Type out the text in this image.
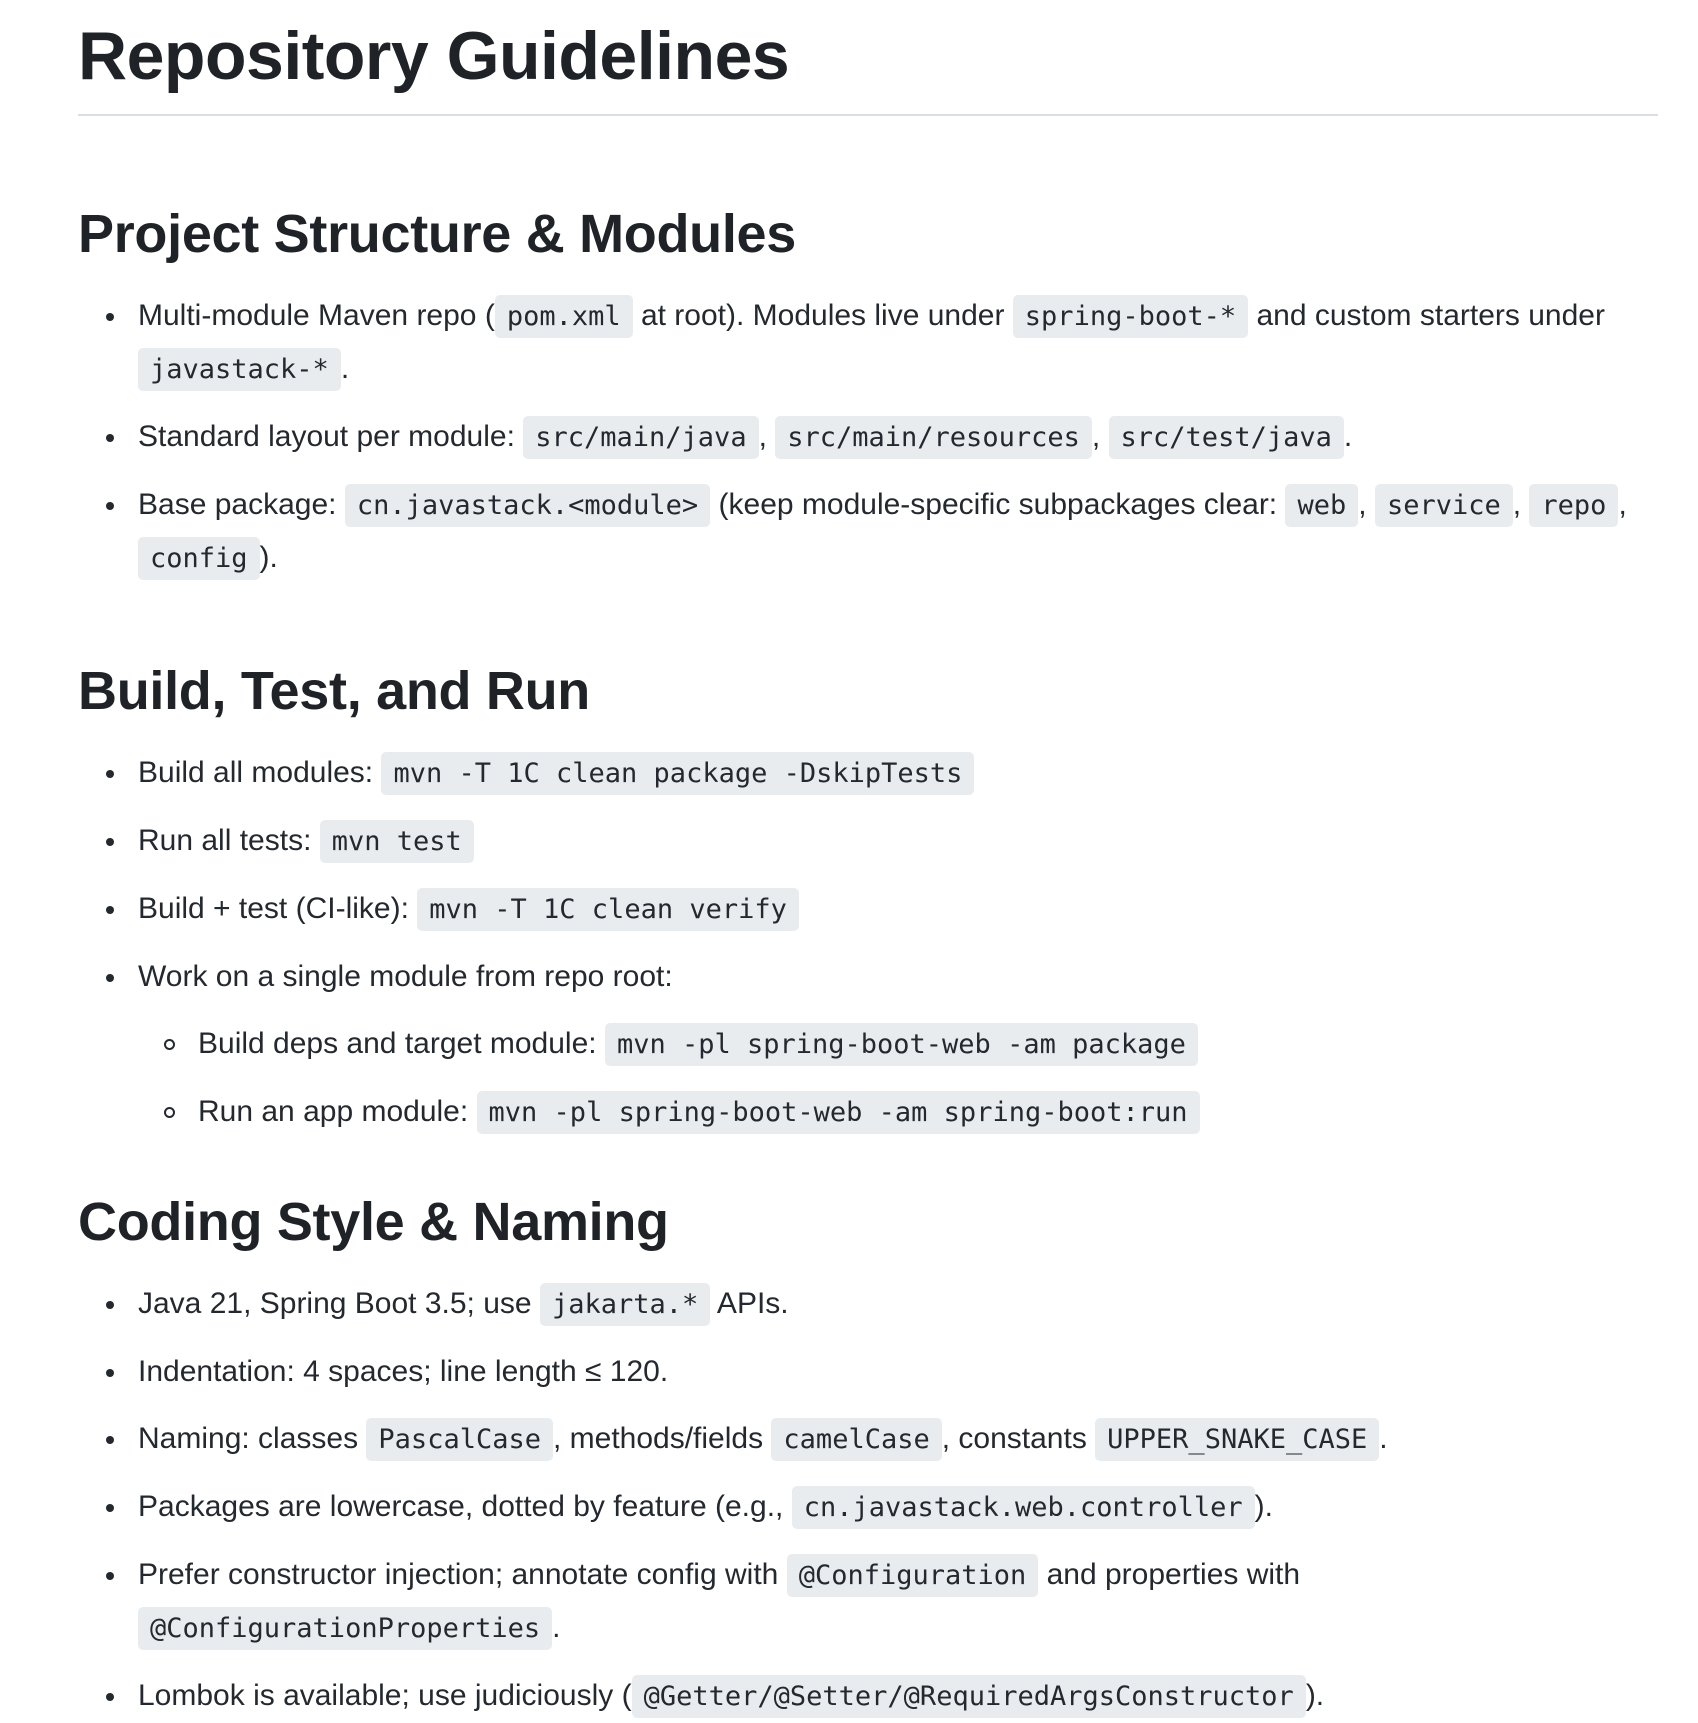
Repository Guidelines
Project Structure & Modules
Multi-module Maven repo ( pom.xml at root). Modules live under spring-boot-* and custom starters under javastack-* .
Standard layout per module: src/main/java , src/main/resources , src/test/java .
Base package: cn.javastack.<module> (keep module-specific subpackages clear: web , service , repo , config ).
Build, Test, and Run
Build all modules: mvn -T 1C clean package -DskipTests
Run all tests: mvn test
Build + test (CI-like): mvn -T 1C clean verify
Work on a single module from repo root:
Build deps and target module: mvn -pl spring-boot-web -am package
Run an app module: mvn -pl spring-boot-web -am spring-boot:run
Coding Style & Naming
Java 21, Spring Boot 3.5; use jakarta.* APIs.
Indentation: 4 spaces; line length ≤ 120.
Naming: classes PascalCase , methods/fields camelCase , constants UPPER_SNAKE_CASE .
Packages are lowercase, dotted by feature (e.g., cn.javastack.web.controller ).
Prefer constructor injection; annotate config with @Configuration and properties with @ConfigurationProperties .
Lombok is available; use judiciously ( @Getter/@Setter/@RequiredArgsConstructor ).
